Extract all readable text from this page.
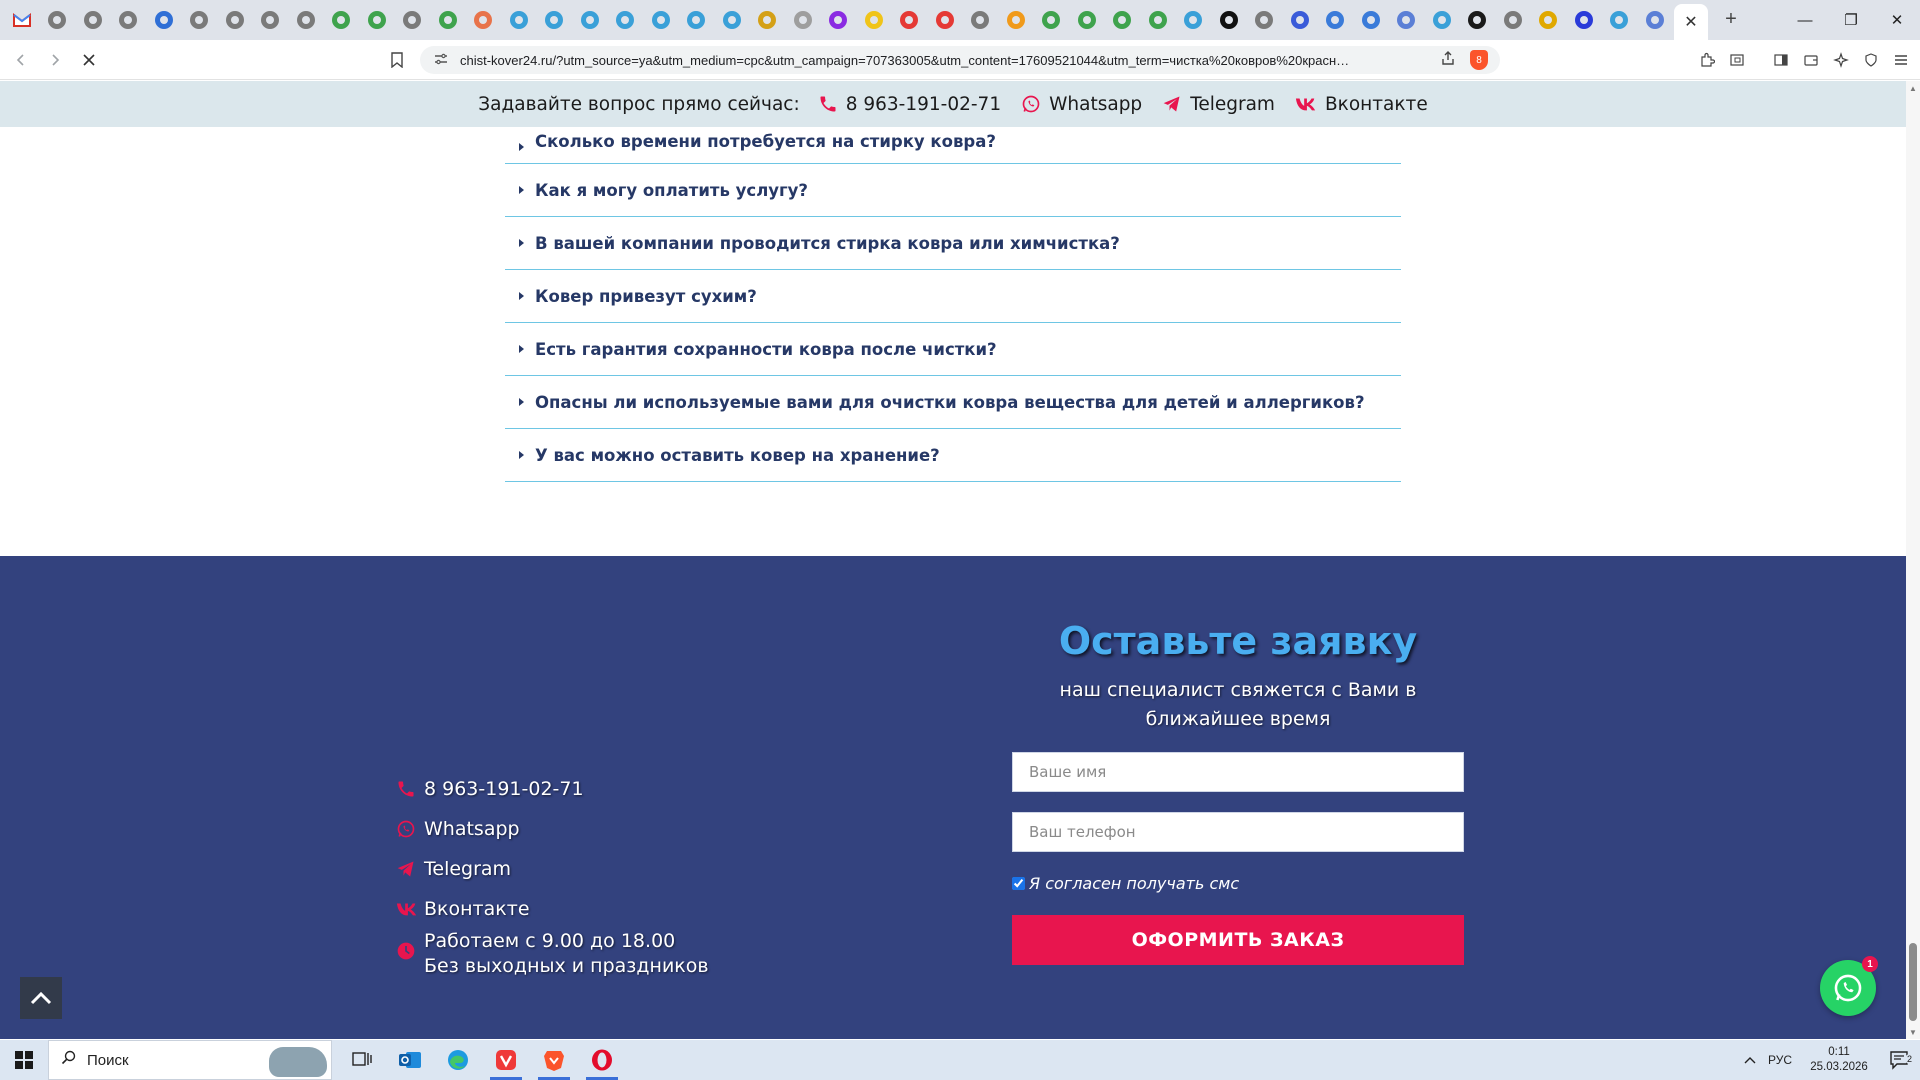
✕	+	—	❐	✕
chist-kover24.ru/?utm_source=ya&utm_medium=cpc&utm_campaign=707363005&utm_content=17609521044&utm_term=чистка%20ковров%20красн…	8
Задавайте вопрос прямо сейчас: 8 963-191-02-71	Whatsapp	Telegram	Вконтакте
Сколько времени потребуется на стирку ковра?
Как я могу оплатить услугу?
В вашей компании проводится стирка ковра или химчистка?
Ковер привезут сухим?
Есть гарантия сохранности ковра после чистки?
Опасны ли используемые вами для очистки ковра вещества для детей и аллергиков?
У вас можно оставить ковер на хранение?
8 963-191-02-71
Whatsapp
Telegram
Вконтакте
Работаем с 9.00 до 18.00
Без выходных и праздников
Оставьте заявку
наш специалист свяжется с Вами в
ближайшее время
Ваше имя
Ваш телефон
Я согласен получать смс
ОФОРМИТЬ ЗАКАЗ
1
▲
▼
Поиск	РУС
0:11
25.03.2026
2
